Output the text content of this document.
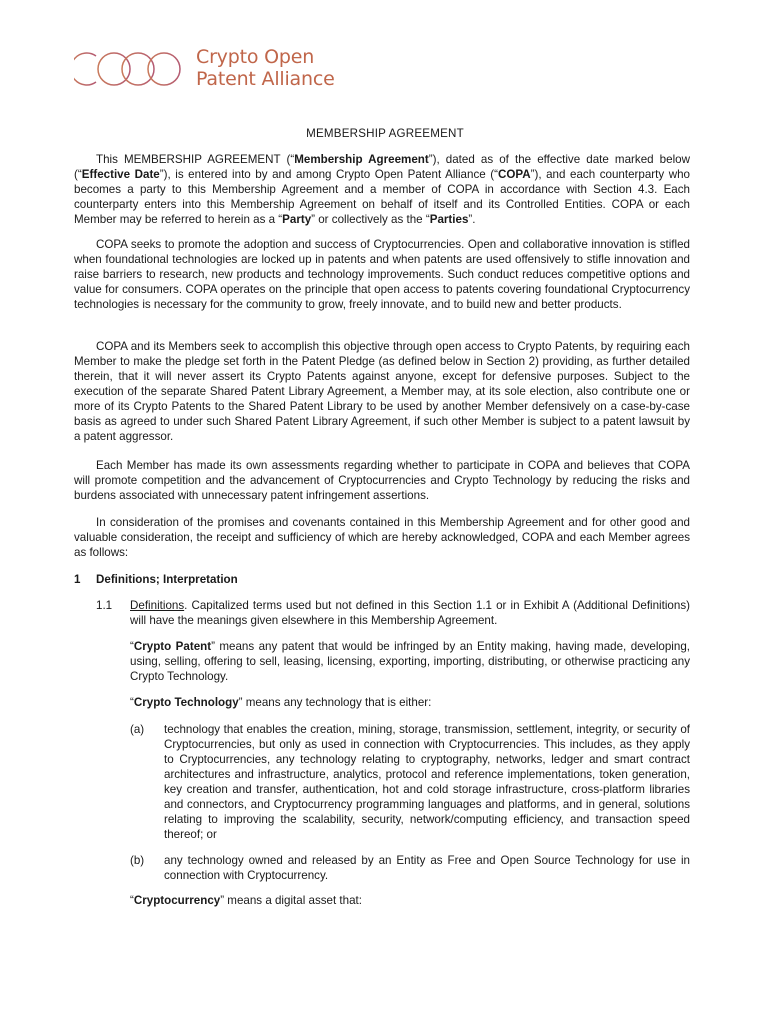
Crypto Open
Patent Alliance
MEMBERSHIP AGREEMENT

This MEMBERSHIP AGREEMENT (“Membership Agreement”), dated as of the effective date marked below (“Effective Date”), is entered into by and among Crypto Open Patent Alliance (“COPA”), and each counterparty who becomes a party to this Membership Agreement and a member of COPA in accordance with Section 4.3. Each counterparty enters into this Membership Agreement on behalf of itself and its Controlled Entities. COPA or each Member may be referred to herein as a “Party” or collectively as the “Parties”.

COPA seeks to promote the adoption and success of Cryptocurrencies. Open and collaborative innovation is stifled when foundational technologies are locked up in patents and when patents are used offensively to stifle innovation and raise barriers to research, new products and technology improvements. Such conduct reduces competitive options and value for consumers. COPA operates on the principle that open access to patents covering foundational Cryptocurrency technologies is necessary for the community to grow, freely innovate, and to build new and better products.

COPA and its Members seek to accomplish this objective through open access to Crypto Patents, by requiring each Member to make the pledge set forth in the Patent Pledge (as defined below in Section 2) providing, as further detailed therein, that it will never assert its Crypto Patents against anyone, except for defensive purposes. Subject to the execution of the separate Shared Patent Library Agreement, a Member may, at its sole election, also contribute one or more of its Crypto Patents to the Shared Patent Library to be used by another Member defensively on a case-by-case basis as agreed to under such Shared Patent Library Agreement, if such other Member is subject to a patent lawsuit by a patent aggressor.

Each Member has made its own assessments regarding whether to participate in COPA and believes that COPA will promote competition and the advancement of Cryptocurrencies and Crypto Technology by reducing the risks and burdens associated with unnecessary patent infringement assertions.

In consideration of the promises and covenants contained in this Membership Agreement and for other good and valuable consideration, the receipt and sufficiency of which are hereby acknowledged, COPA and each Member agrees as follows:

1 Definitions; Interpretation
1.1 Definitions. Capitalized terms used but not defined in this Section 1.1 or in Exhibit A (Additional Definitions) will have the meanings given elsewhere in this Membership Agreement.

“Crypto Patent” means any patent that would be infringed by an Entity making, having made, developing, using, selling, offering to sell, leasing, licensing, exporting, importing, distributing, or otherwise practicing any Crypto Technology.

“Crypto Technology” means any technology that is either:

(a) technology that enables the creation, mining, storage, transmission, settlement, integrity, or security of Cryptocurrencies, but only as used in connection with Cryptocurrencies. This includes, as they apply to Cryptocurrencies, any technology relating to cryptography, networks, ledger and smart contract architectures and infrastructure, analytics, protocol and reference implementations, token generation, key creation and transfer, authentication, hot and cold storage infrastructure, cross-platform libraries and connectors, and Cryptocurrency programming languages and platforms, and in general, solutions relating to improving the scalability, security, network/computing efficiency, and transaction speed thereof; or

(b) any technology owned and released by an Entity as Free and Open Source Technology for use in connection with Cryptocurrency.

“Cryptocurrency” means a digital asset that:
